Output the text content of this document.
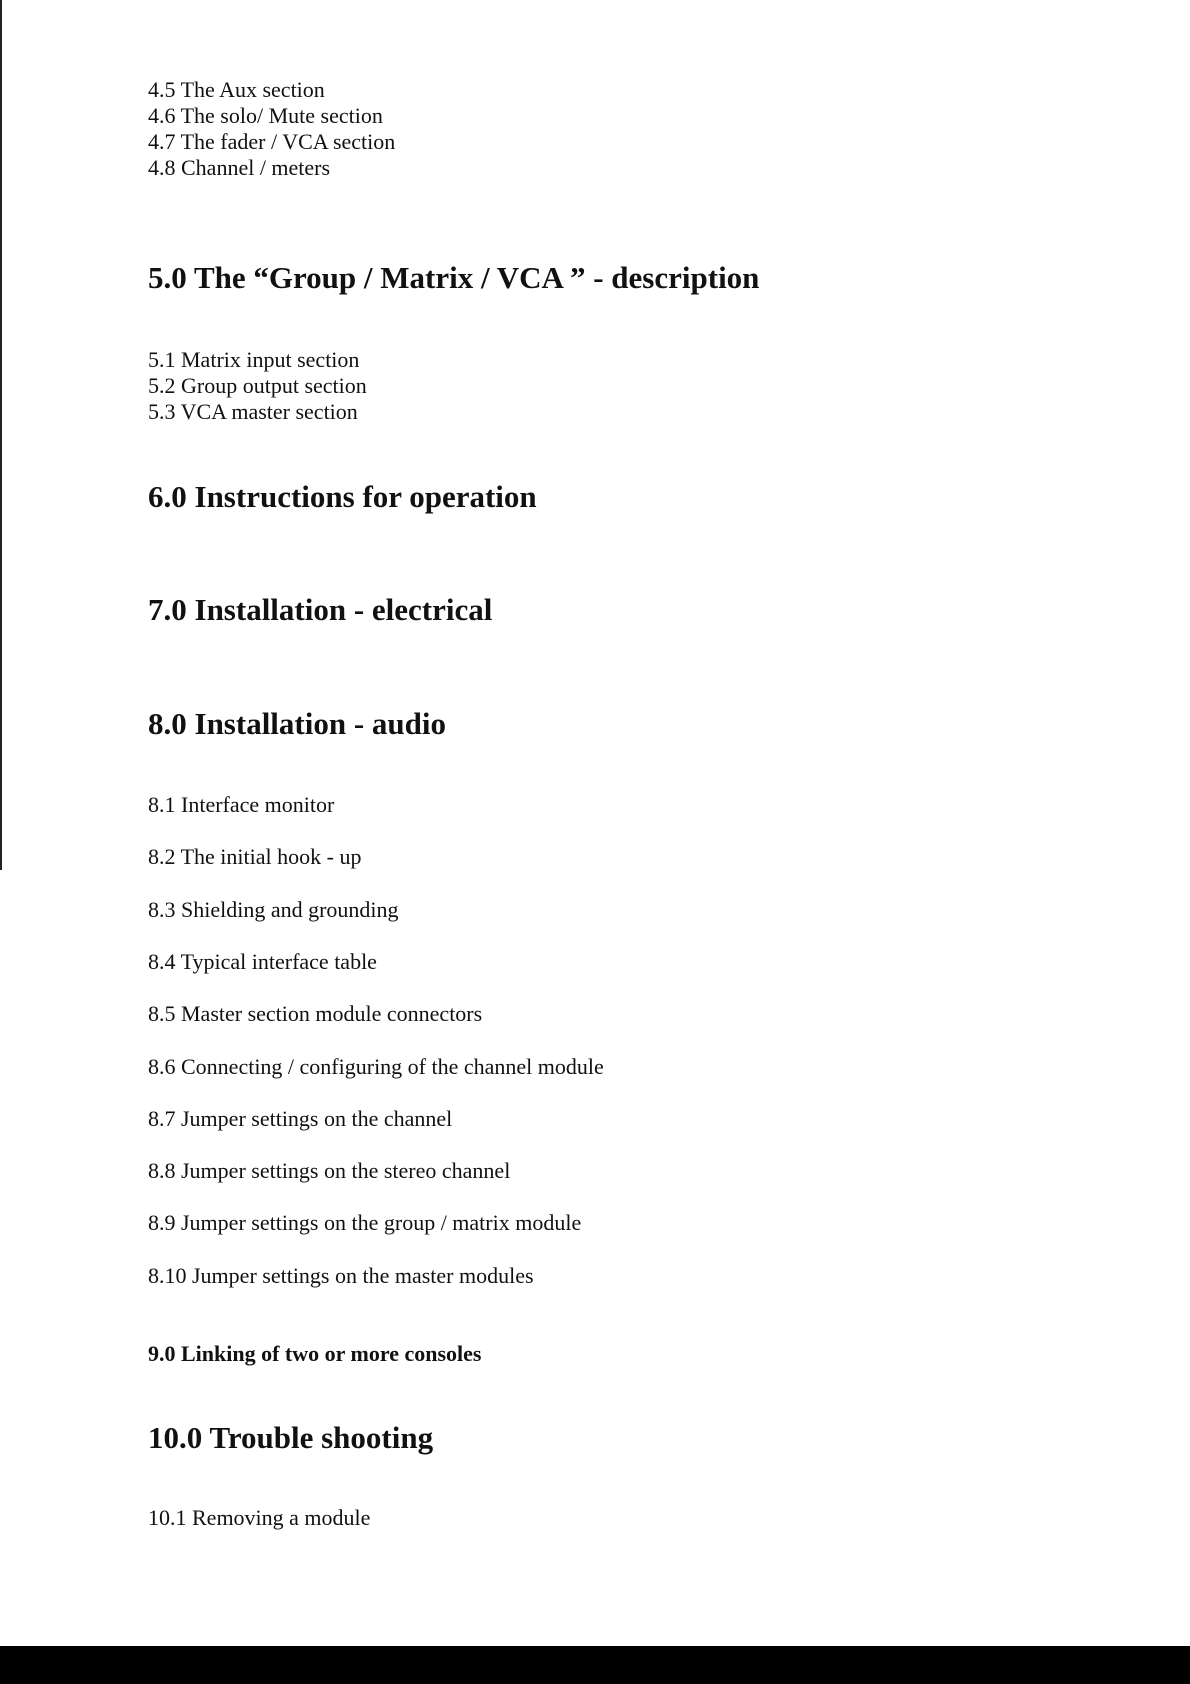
4.5 The Aux section
4.6 The solo/ Mute section
4.7 The fader / VCA section
4.8 Channel / meters
5.0 The “Group / Matrix / VCA ” - description
5.1 Matrix input section
5.2 Group output section
5.3 VCA master section
6.0 Instructions for operation
7.0 Installation - electrical
8.0 Installation - audio
8.1 Interface monitor
8.2 The initial hook - up
8.3 Shielding and grounding
8.4 Typical interface table
8.5 Master section module connectors
8.6 Connecting / configuring of the channel module
8.7 Jumper settings on the channel
8.8 Jumper settings on the stereo channel
8.9 Jumper settings on the group / matrix module
8.10 Jumper settings on the master modules
9.0 Linking of two or more consoles
10.0 Trouble shooting
10.1 Removing a module
